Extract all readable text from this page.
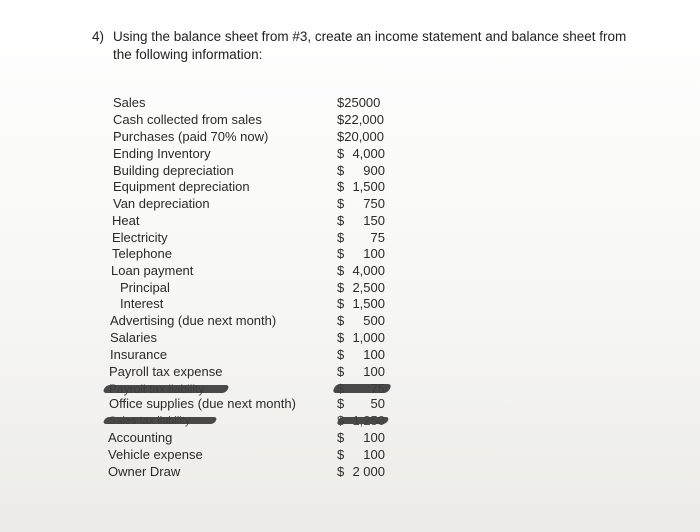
4) Using the balance sheet from #3, create an income statement and balance sheet from the following information:
Sales	$25000
Cash collected from sales	$22,000
Purchases (paid 70% now)	$20,000
Ending Inventory	$ 4,000
Building depreciation	$ 900
Equipment depreciation	$ 1,500
Van depreciation	$ 750
Heat	$ 150
Electricity	$ 75
Telephone	$ 100
Loan payment	$ 4,000
Principal	$ 2,500
Interest	$ 1,500
Advertising (due next month)	$ 500
Salaries	$ 1,000
Insurance	$ 100
Payroll tax expense	$ 100
Office supplies (due next month)	$ 50
Accounting	$ 100
Vehicle expense	$ 100
Owner Draw	$ 2 000
